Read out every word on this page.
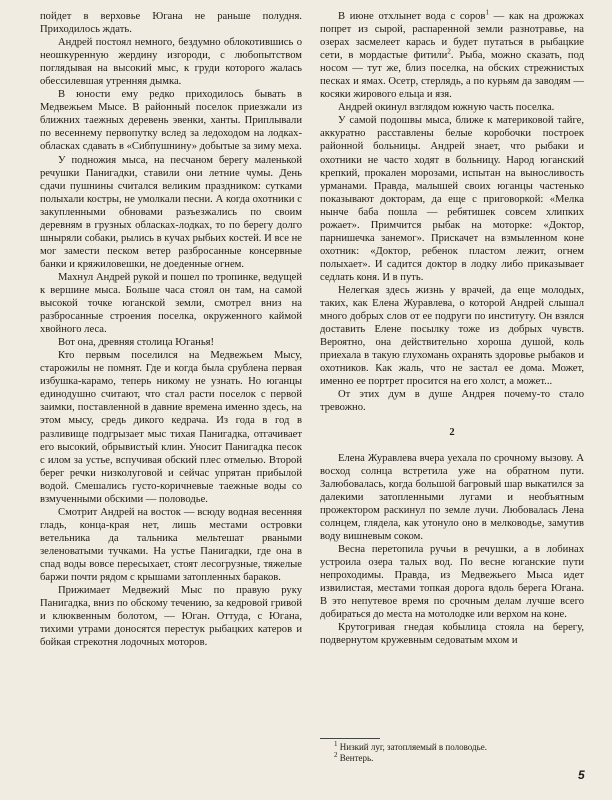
пойдет в верховье Югана не раньше полудня. Приходилось ждать.

Андрей постоял немного, бездумно облокотившись о неошкуренную жердину изгороди, с любопытством поглядывая на высокий мыс, к груди которого жалась обессилевшая утренняя дымка.

В юности ему редко приходилось бывать в Медвежьем Мысе. В районный поселок приезжали из ближних таежных деревень эвенки, ханты. Приплывали по весеннему первопутку вслед за ледоходом на лодках-обласках сдавать в «Сибпушнину» добытые за зиму меха.

У подножия мыса, на песчаном берегу маленькой речушки Панигадки, ставили они летние чумы. День сдачи пушнины считался великим праздником: сутками полыхали костры, не умолкали песни. А когда охотники с закупленными обновами разъезжались по своим деревням в грузных обласках-лодках, то по берегу долго шныряли собаки, рылись в кучах рыбьих костей. И все не мог замести песком ветер разбросанные консервные банки и кряжиловешки, не доеденные огнем.

Махнул Андрей рукой и пошел по тропинке, ведущей к вершине мыса. Больше часа стоял он там, на самой высокой точке юганской земли, смотрел вниз на разбросанные строения поселка, окруженного каймой хвойного леса.

Вот она, древняя столица Юганья!

Кто первым поселился на Медвежьем Мысу, старожилы не помнят. Где и когда была срублена первая избушка-карамо, теперь никому не узнать. Но юганцы единодушно считают, что стал расти поселок с первой заимки, поставленной в давние времена именно здесь, на этом мысу, средь дикого кедрача. Из года в год в разливище подгрызает мыс тихая Панигадка, отгачивает его высокий, обрывистый клин. Уносит Панигадка песок с илом за устье, вспучивая обский плес отмелью. Второй берег речки низколуговой и сейчас упрятан прибылой водой. Смешались густо-коричневые таежные воды со взмученными обскими — половодье.

Смотрит Андрей на восток — всюду водная весенняя гладь, конца-края нет, лишь местами островки ветельника да тальника мельтешат рваными зеленоватыми тучками. На устье Панигадки, где она в спад воды вовсе пересыхает, стоят лесогрузные, тяжелые баржи почти рядом с крышами затопленных бараков.

Прижимает Медвежий Мыс по правую руку Панигадка, вниз по обскому течению, за кедровой гривой и клюквенным болотом, — Юган. Оттуда, с Югана, тихими утрами доносятся перестук рыбацких катеров и бойкая стрекотня лодочных моторов.

В июне отхлынет вода с соров$^1$ — как на дрожжах попрет из сырой, распаренной земли разнотравье, на озерах засмелеет карась и будет путаться в рыбацкие сети, в мордастые фитили$^2$. Рыба, можно сказать, под носом — тут же, близ поселка, на обских стрежнистых песках и ямах. Осетр, стерлядь, а по курьям да заводям — косяки жирового ельца и язя.

Андрей окинул взглядом южную часть поселка.

У самой подошвы мыса, ближе к материковой тайге, аккуратно расставлены белые коробочки построек районной больницы. Андрей знает, что рыбаки и охотники не часто ходят в больницу. Народ юганский крепкий, прокален морозами, испытан на выносливость урманами. Правда, малышей своих юганцы частенько показывают докторам, да еще с приговоркой: «Мелка нынче баба пошла — ребятишек совсем хлипких рожает». Примчится рыбак на моторке: «Доктор, парнишечка занемог». Прискачет на взмыленном коне охотник: «Доктор, ребенок пластом лежит, огнем полыхает». И садится доктор в лодку либо приказывает седлать коня. И в путь.

Нелегкая здесь жизнь у врачей, да еще молодых, таких, как Елена Журавлева, о которой Андрей слышал много добрых слов от ее подруги по институту. Он взялся доставить Елене посылку тоже из добрых чувств. Вероятно, она действительно хороша душой, коль приехала в такую глухомань охранять здоровье рыбаков и охотников. Как жаль, что не застал ее дома. Может, именно ее портрет просится на его холст, а может...

От этих дум в душе Андрея почему-то стало тревожно.

2

Елена Журавлева вчера уехала по срочному вызову. А восход солнца встретила уже на обратном пути. Залюбовалась, когда большой багровый шар выкатился за далекими затопленными лугами и необъятным прожектором раскинул по земле лучи. Любовалась Лена солнцем, глядела, как утонуло оно в мелководье, замутив воду вишневым соком.

Весна перетопила ручьи в речушки, а в лобинах устроила озера талых вод. По весне юганские пути непроходимы. Правда, из Медвежьего Мыса идет извилистая, местами топкая дорога вдоль берега Югана. В это непутевое время по срочным делам лучше всего добираться до места на мотолодке или верхом на коне.

Крутогривая гнедая кобылица стояла на берегу, подвернутом кружевным седоватым мхом и

$^1$ Низкий луг, затопляемый в половодье.

$^2$ Вентерь.

5
